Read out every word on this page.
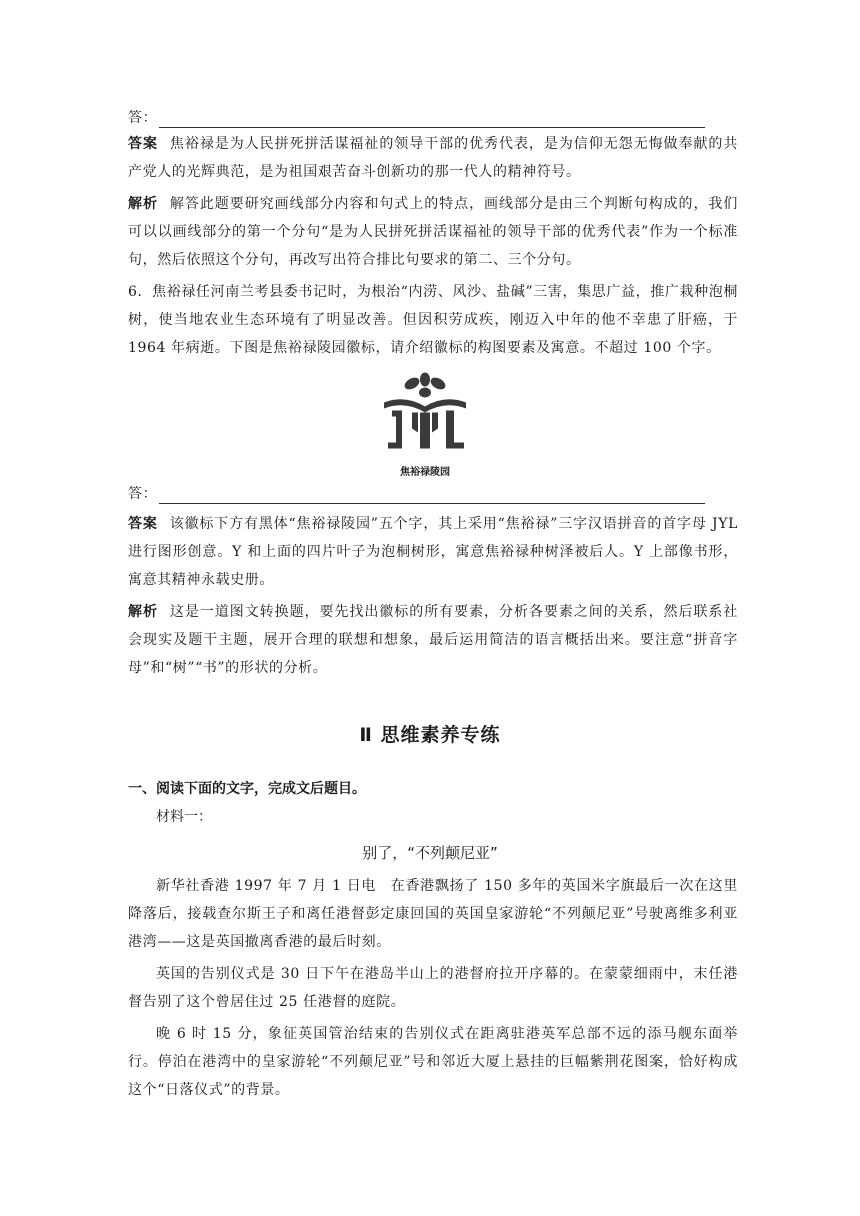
答：
答案 焦裕禄是为人民拼死拼活谋福祉的领导干部的优秀代表，是为信仰无怨无悔做奉献的共产党人的光辉典范，是为祖国艰苦奋斗创新功的那一代人的精神符号。
解析 解答此题要研究画线部分内容和句式上的特点，画线部分是由三个判断句构成的，我们可以以画线部分的第一个分句“是为人民拼死拼活谋福祉的领导干部的优秀代表”作为一个标准句，然后依照这个分句，再改写出符合排比句要求的第二、三个分句。
6．焦裕禄任河南兰考县委书记时，为根治“内涝、风沙、盐碱”三害，集思广益，推广栽种泡桐树，使当地农业生态环境有了明显改善。但因积劳成疾，刚迈入中年的他不幸患了肝癌，于 1964 年病逝。下图是焦裕禄陵园徽标，请介绍徽标的构图要素及寓意。不超过 100 个字。
焦裕禄陵园
答：
答案 该徽标下方有黑体“焦裕禄陵园”五个字，其上采用“焦裕禄”三字汉语拼音的首字母 JYL 进行图形创意。Y 和上面的四片叶子为泡桐树形，寓意焦裕禄种树泽被后人。Y 上部像书形，寓意其精神永载史册。
解析 这是一道图文转换题，要先找出徽标的所有要素，分析各要素之间的关系，然后联系社会现实及题干主题，展开合理的联想和想象，最后运用简洁的语言概括出来。要注意“拼音字母”和“树”“书”的形状的分析。
Ⅱ 思维素养专练
一、阅读下面的文字，完成文后题目。
材料一：
别了，“不列颠尼亚”
新华社香港 1997 年 7 月 1 日电　在香港飘扬了 150 多年的英国米字旗最后一次在这里降落后，接载查尔斯王子和离任港督彭定康回国的英国皇家游轮“不列颠尼亚”号驶离维多利亚港湾——这是英国撤离香港的最后时刻。
英国的告别仪式是 30 日下午在港岛半山上的港督府拉开序幕的。在蒙蒙细雨中，末任港督告别了这个曾居住过 25 任港督的庭院。
晚 6 时 15 分，象征英国管治结束的告别仪式在距离驻港英军总部不远的添马舰东面举行。停泊在港湾中的皇家游轮“不列颠尼亚”号和邻近大厦上悬挂的巨幅紫荆花图案，恰好构成这个“日落仪式”的背景。
